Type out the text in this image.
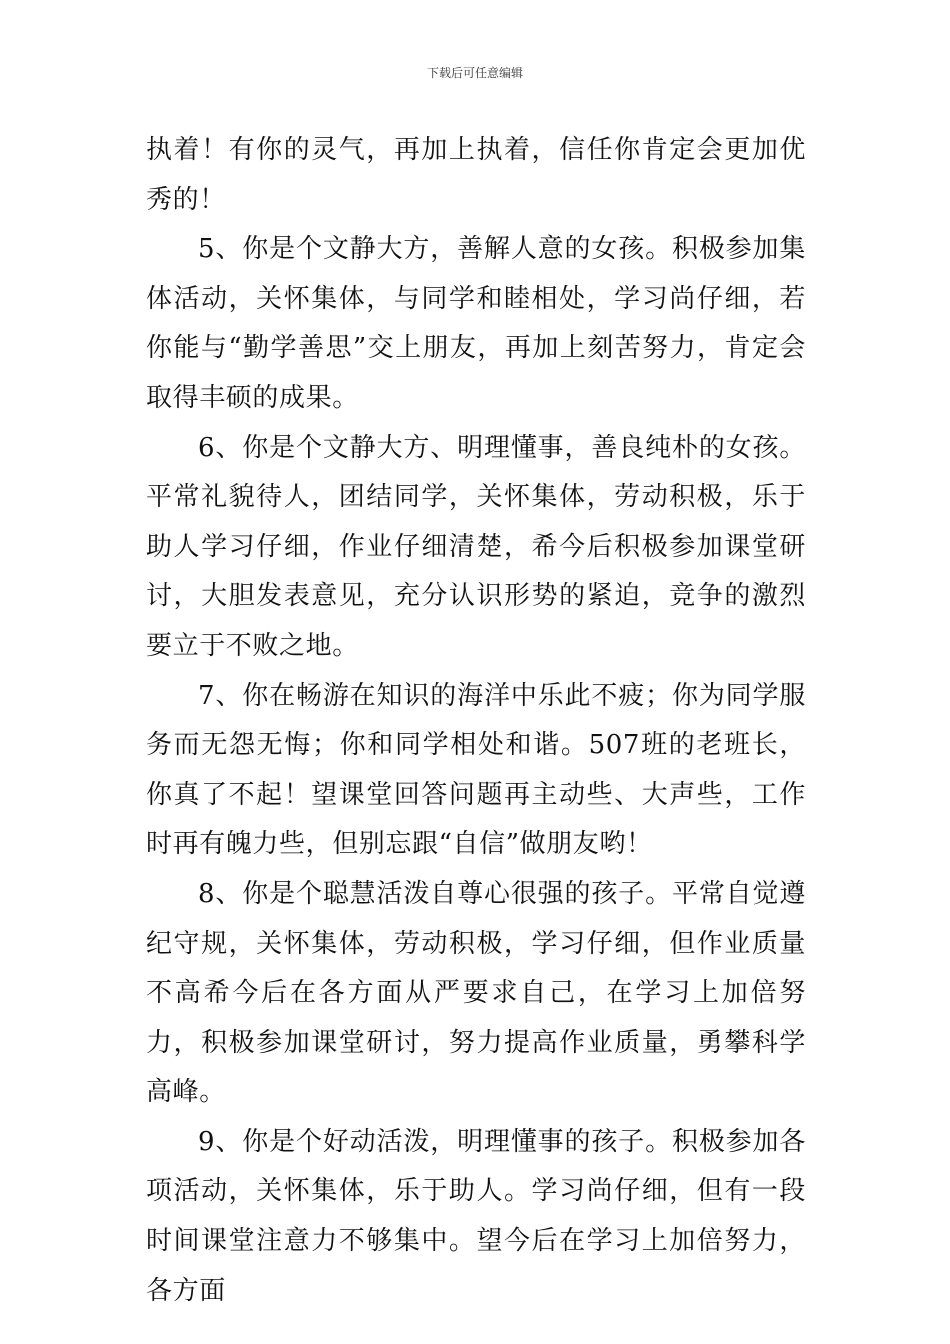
下载后可任意编辑

执着！有你的灵气，再加上执着，信任你肯定会更加优秀的！

5、你是个文静大方，善解人意的女孩。积极参加集体活动，关怀集体，与同学和睦相处，学习尚仔细，若你能与“勤学善思”交上朋友，再加上刻苦努力，肯定会取得丰硕的成果。

6、你是个文静大方、明理懂事，善良纯朴的女孩。平常礼貌待人，团结同学，关怀集体，劳动积极，乐于助人学习仔细，作业仔细清楚，希今后积极参加课堂研讨，大胆发表意见，充分认识形势的紧迫，竞争的激烈要立于不败之地。

7、你在畅游在知识的海洋中乐此不疲；你为同学服务而无怨无悔；你和同学相处和谐。507班的老班长，你真了不起！望课堂回答问题再主动些、大声些，工作时再有魄力些，但别忘跟“自信”做朋友哟！

8、你是个聪慧活泼自尊心很强的孩子。平常自觉遵纪守规，关怀集体，劳动积极，学习仔细，但作业质量不高希今后在各方面从严要求自己，在学习上加倍努力，积极参加课堂研讨，努力提高作业质量，勇攀科学高峰。

9、你是个好动活泼，明理懂事的孩子。积极参加各项活动，关怀集体，乐于助人。学习尚仔细，但有一段时间课堂注意力不够集中。望今后在学习上加倍努力，各方面
